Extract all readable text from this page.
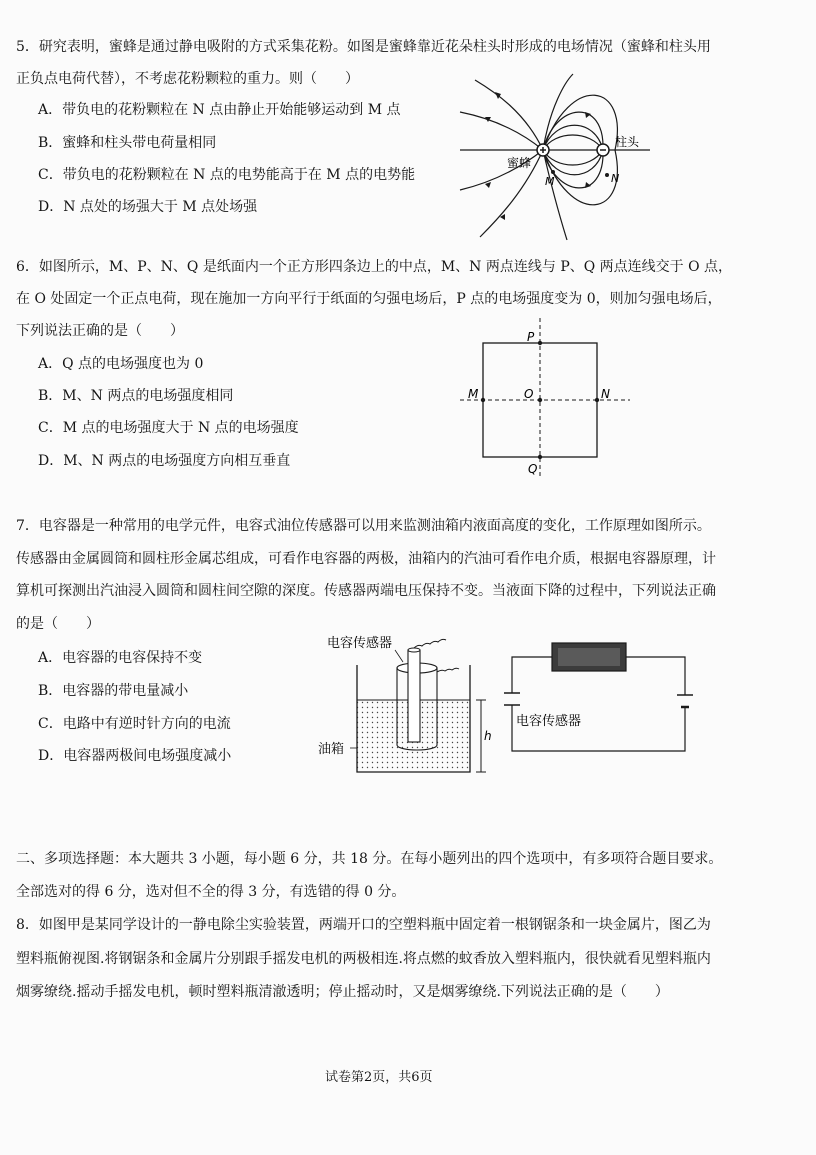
5．研究表明，蜜蜂是通过静电吸附的方式采集花粉。如图是蜜蜂靠近花朵柱头时形成的电场情况（蜜蜂和柱头用
正负点电荷代替），不考虑花粉颗粒的重力。则（　　）
A．带负电的花粉颗粒在 N 点由静止开始能够运动到 M 点
B．蜜蜂和柱头带电荷量相同
C．带负电的花粉颗粒在 N 点的电势能高于在 M 点的电势能
D．N 点处的场强大于 M 点处场强
蜜蜂
柱头
M	N
6．如图所示，M、P、N、Q 是纸面内一个正方形四条边上的中点，M、N 两点连线与 P、Q 两点连线交于 O 点，
在 O 处固定一个正点电荷，现在施加一方向平行于纸面的匀强电场后，P 点的电场强度变为 0，则加匀强电场后，
下列说法正确的是（　　）
A．Q 点的电场强度也为 0
B．M、N 两点的电场强度相同
C．M 点的电场强度大于 N 点的电场强度
D．M、N 两点的电场强度方向相互垂直
P
M	O	N
Q
7．电容器是一种常用的电学元件，电容式油位传感器可以用来监测油箱内液面高度的变化，工作原理如图所示。
传感器由金属圆筒和圆柱形金属芯组成，可看作电容器的两极，油箱内的汽油可看作电介质，根据电容器原理，计
算机可探测出汽油浸入圆筒和圆柱间空隙的深度。传感器两端电压保持不变。当液面下降的过程中，下列说法正确
的是（　　）
A．电容器的电容保持不变
B．电容器的带电量减小
C．电路中有逆时针方向的电流
D．电容器两极间电场强度减小
电容传感器
油箱
h
电容传感器
二、多项选择题：本大题共 3 小题，每小题 6 分，共 18 分。在每小题列出的四个选项中，有多项符合题目要求。
全部选对的得 6 分，选对但不全的得 3 分，有选错的得 0 分。
8．如图甲是某同学设计的一静电除尘实验装置，两端开口的空塑料瓶中固定着一根钢锯条和一块金属片，图乙为
塑料瓶俯视图.将钢锯条和金属片分别跟手摇发电机的两极相连.将点燃的蚊香放入塑料瓶内，很快就看见塑料瓶内
烟雾缭绕.摇动手摇发电机，顿时塑料瓶清澈透明；停止摇动时，又是烟雾缭绕.下列说法正确的是（　　）
试卷第2页，共6页
